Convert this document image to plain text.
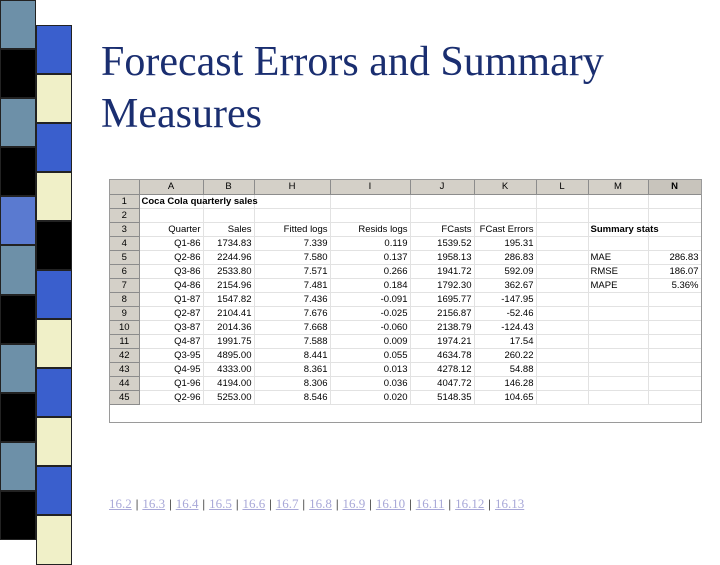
Forecast Errors and Summary Measures
	A	B	H	I	J	K	L	M	N
1	Coca Cola quarterly sales								
2									
3	Quarter	Sales	Fitted logs	Resids logs	FCasts	FCast Errors		Summary stats	
4	Q1-86	1734.83	7.339	0.119	1539.52	195.31			
5	Q2-86	2244.96	7.580	0.137	1958.13	286.83		MAE	286.83
6	Q3-86	2533.80	7.571	0.266	1941.72	592.09		RMSE	186.07
7	Q4-86	2154.96	7.481	0.184	1792.30	362.67		MAPE	5.36%
8	Q1-87	1547.82	7.436	-0.091	1695.77	-147.95			
9	Q2-87	2104.41	7.676	-0.025	2156.87	-52.46			
10	Q3-87	2014.36	7.668	-0.060	2138.79	-124.43			
11	Q4-87	1991.75	7.588	0.009	1974.21	17.54			
42	Q3-95	4895.00	8.441	0.055	4634.78	260.22			
43	Q4-95	4333.00	8.361	0.013	4278.12	54.88			
44	Q1-96	4194.00	8.306	0.036	4047.72	146.28			
45	Q2-96	5253.00	8.546	0.020	5148.35	104.65			
16.2 | 16.3 | 16.4 | 16.5 | 16.6 | 16.7 | 16.8 | 16.9 | 16.10 | 16.11 | 16.12 | 16.13
